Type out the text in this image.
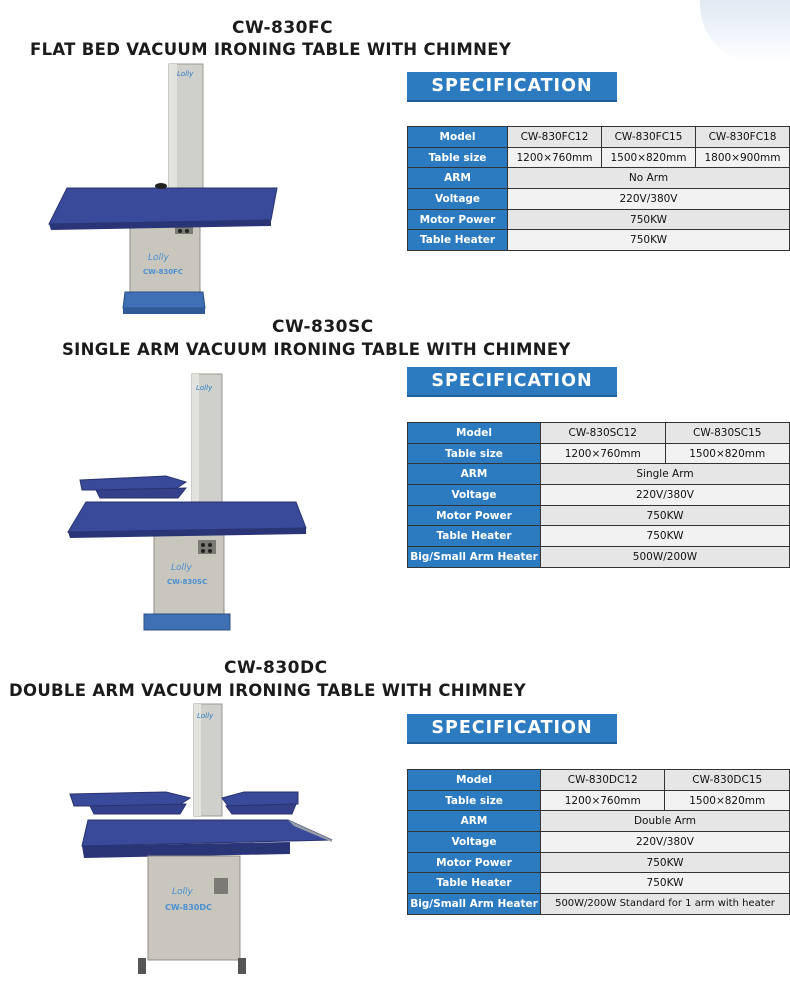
CW-830FC
FLAT BED VACUUM IRONING TABLE WITH CHIMNEY
SPECIFICATION
Model	CW-830FC12	CW-830FC15	CW-830FC18
Table size	1200×760mm	1500×820mm	1800×900mm
ARM	No Arm		
Voltage	220V/380V		
Motor Power	750KW		
Table Heater	750KW		
Lolly
Lolly
CW-830FC
CW-830SC
SINGLE ARM VACUUM IRONING TABLE WITH CHIMNEY
SPECIFICATION
Model	CW-830SC12	CW-830SC15
Table size	1200×760mm	1500×820mm
ARM	Single Arm	
Voltage	220V/380V	
Motor Power	750KW	
Table Heater	750KW	
Big/Small Arm Heater	500W/200W	
Lolly
Lolly
CW-830SC
CW-830DC
DOUBLE ARM VACUUM IRONING TABLE WITH CHIMNEY
SPECIFICATION
Model	CW-830DC12	CW-830DC15
Table size	1200×760mm	1500×820mm
ARM	Double Arm	
Voltage	220V/380V	
Motor Power	750KW	
Table Heater	750KW	
Big/Small Arm Heater	500W/200W Standard for 1 arm with heater	
Lolly
Lolly
CW-830DC
